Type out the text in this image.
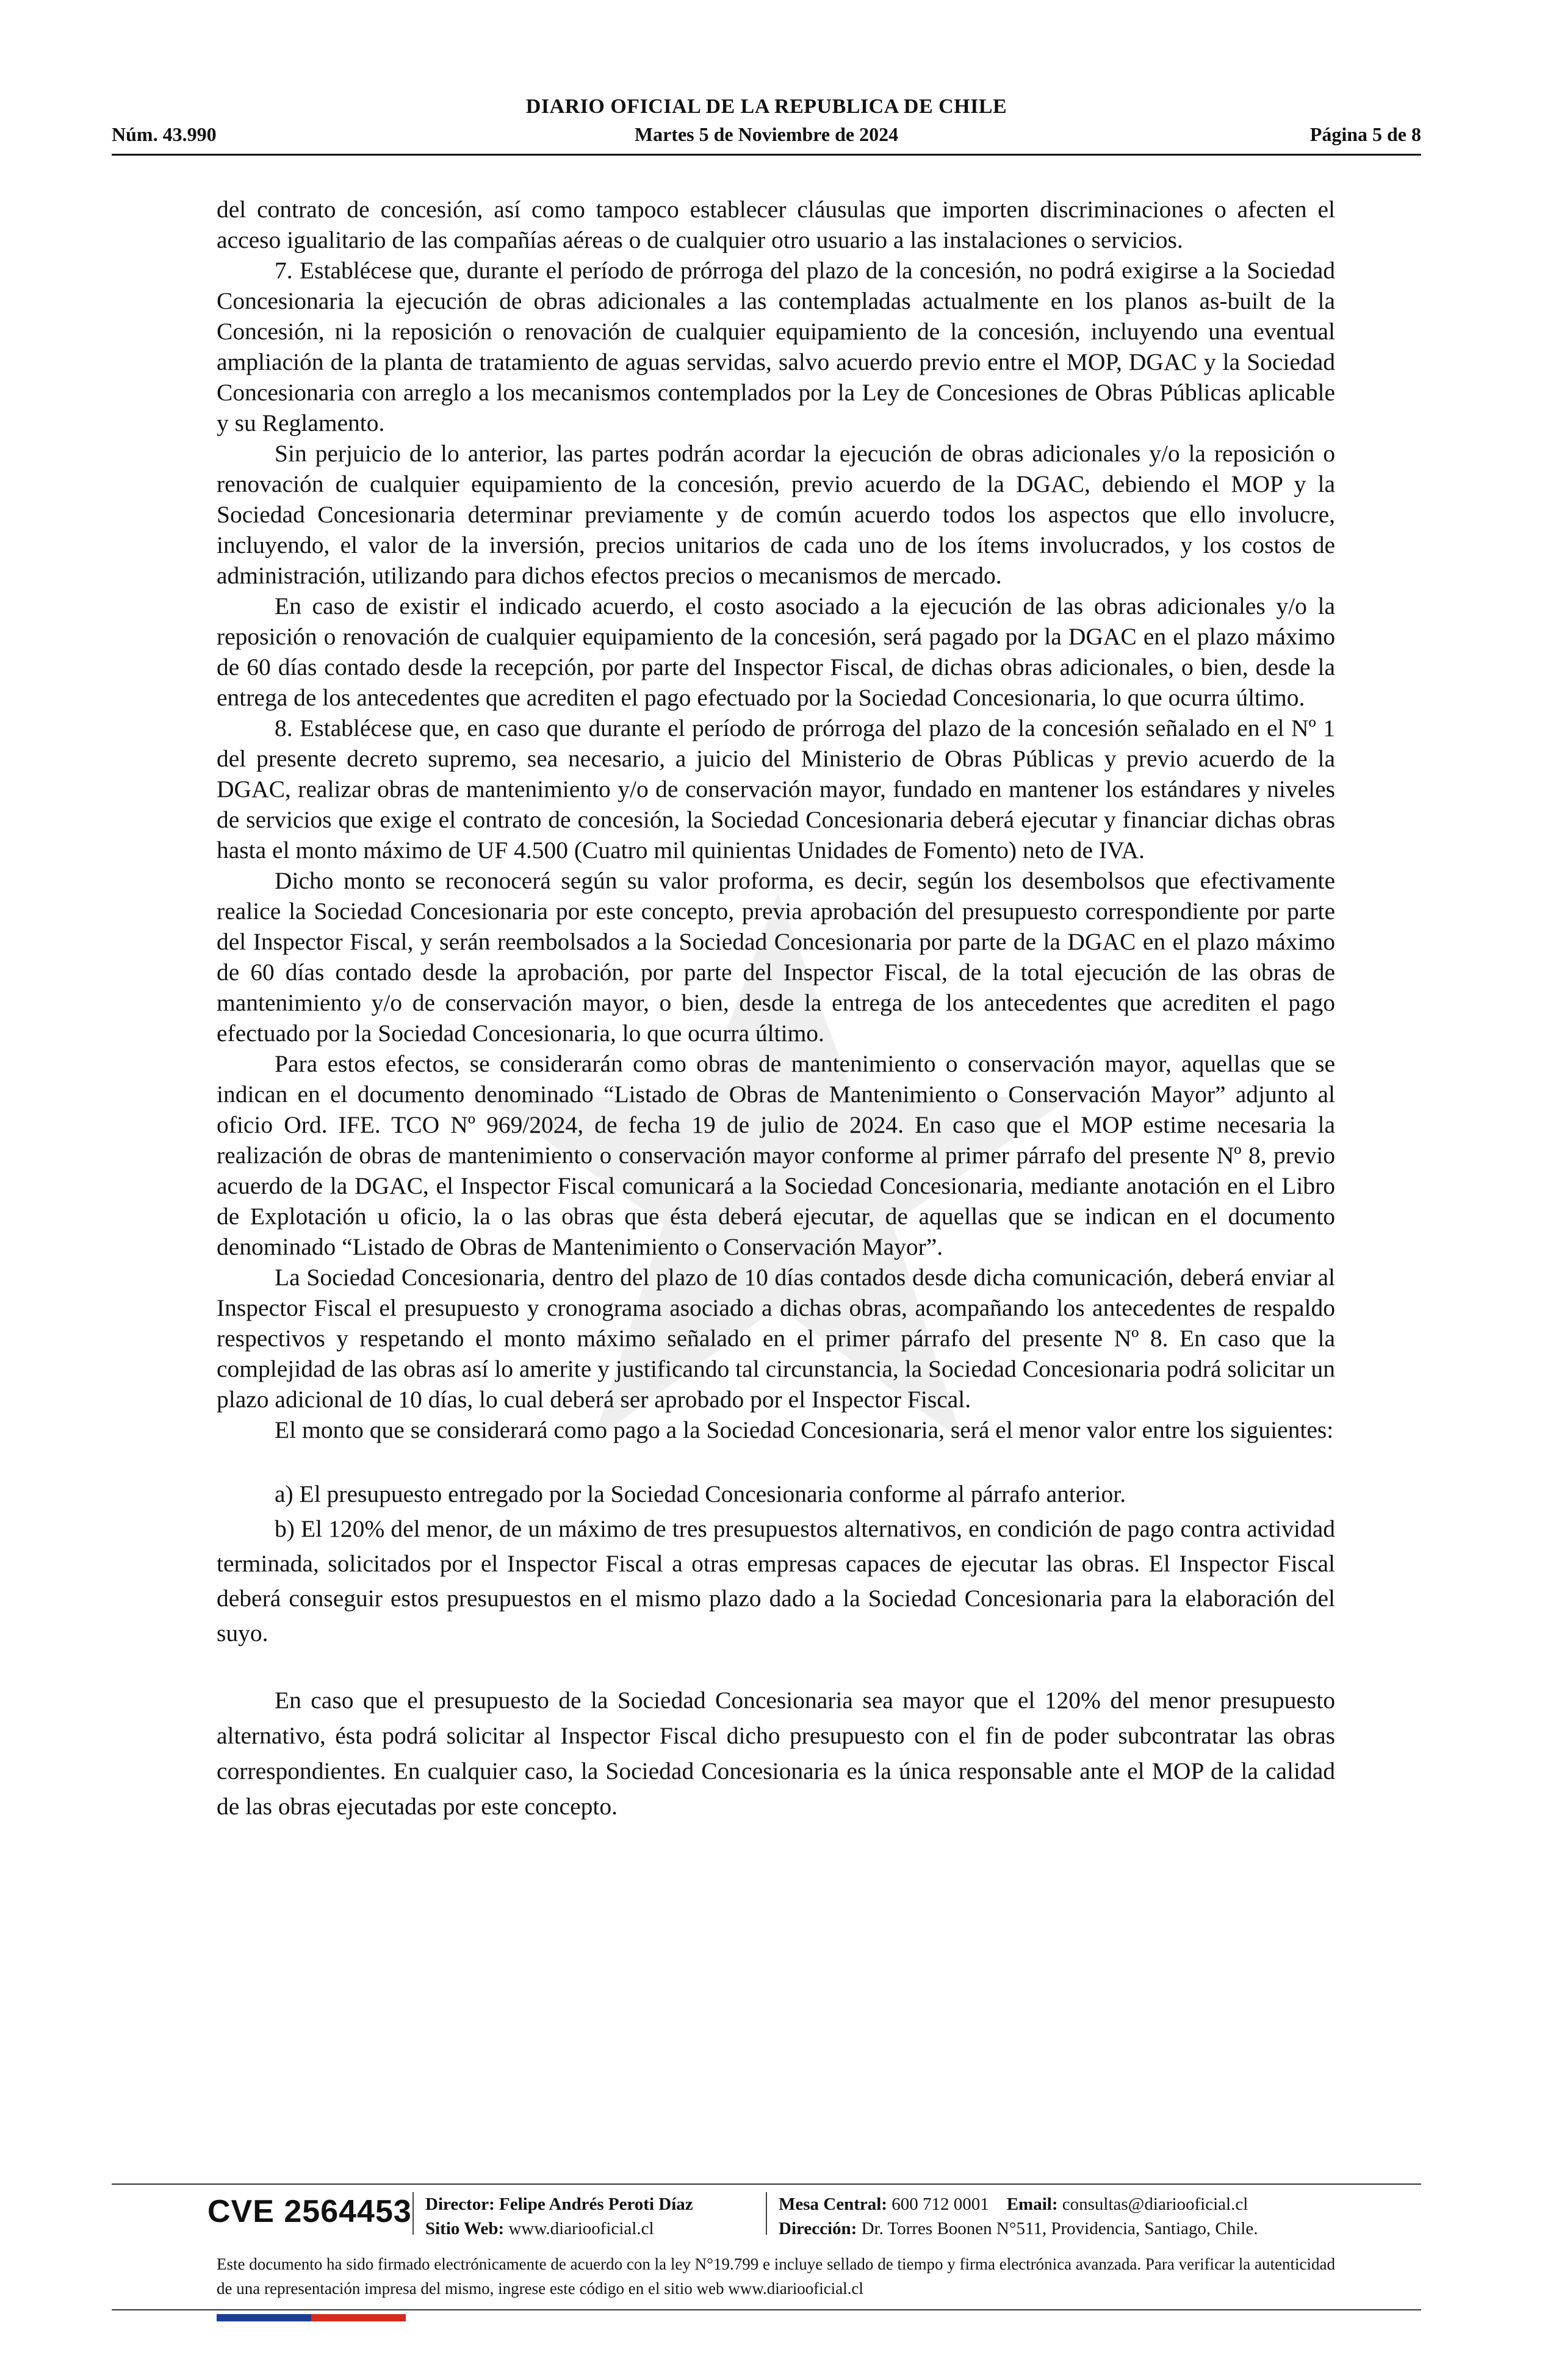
DIARIO OFICIAL DE LA REPUBLICA DE CHILE
Núm. 43.990	Martes 5 de Noviembre de 2024	Página 5 de 8

del contrato de concesión, así como tampoco establecer cláusulas que importen discriminaciones o afecten el acceso igualitario de las compañías aéreas o de cualquier otro usuario a las instalaciones o servicios.

7. Establécese que, durante el período de prórroga del plazo de la concesión, no podrá exigirse a la Sociedad Concesionaria la ejecución de obras adicionales a las contempladas actualmente en los planos as-built de la Concesión, ni la reposición o renovación de cualquier equipamiento de la concesión, incluyendo una eventual ampliación de la planta de tratamiento de aguas servidas, salvo acuerdo previo entre el MOP, DGAC y la Sociedad Concesionaria con arreglo a los mecanismos contemplados por la Ley de Concesiones de Obras Públicas aplicable y su Reglamento.

Sin perjuicio de lo anterior, las partes podrán acordar la ejecución de obras adicionales y/o la reposición o renovación de cualquier equipamiento de la concesión, previo acuerdo de la DGAC, debiendo el MOP y la Sociedad Concesionaria determinar previamente y de común acuerdo todos los aspectos que ello involucre, incluyendo, el valor de la inversión, precios unitarios de cada uno de los ítems involucrados, y los costos de administración, utilizando para dichos efectos precios o mecanismos de mercado.

En caso de existir el indicado acuerdo, el costo asociado a la ejecución de las obras adicionales y/o la reposición o renovación de cualquier equipamiento de la concesión, será pagado por la DGAC en el plazo máximo de 60 días contado desde la recepción, por parte del Inspector Fiscal, de dichas obras adicionales, o bien, desde la entrega de los antecedentes que acrediten el pago efectuado por la Sociedad Concesionaria, lo que ocurra último.

8. Establécese que, en caso que durante el período de prórroga del plazo de la concesión señalado en el Nº 1 del presente decreto supremo, sea necesario, a juicio del Ministerio de Obras Públicas y previo acuerdo de la DGAC, realizar obras de mantenimiento y/o de conservación mayor, fundado en mantener los estándares y niveles de servicios que exige el contrato de concesión, la Sociedad Concesionaria deberá ejecutar y financiar dichas obras hasta el monto máximo de UF 4.500 (Cuatro mil quinientas Unidades de Fomento) neto de IVA.

Dicho monto se reconocerá según su valor proforma, es decir, según los desembolsos que efectivamente realice la Sociedad Concesionaria por este concepto, previa aprobación del presupuesto correspondiente por parte del Inspector Fiscal, y serán reembolsados a la Sociedad Concesionaria por parte de la DGAC en el plazo máximo de 60 días contado desde la aprobación, por parte del Inspector Fiscal, de la total ejecución de las obras de mantenimiento y/o de conservación mayor, o bien, desde la entrega de los antecedentes que acrediten el pago efectuado por la Sociedad Concesionaria, lo que ocurra último.

Para estos efectos, se considerarán como obras de mantenimiento o conservación mayor, aquellas que se indican en el documento denominado “Listado de Obras de Mantenimiento o Conservación Mayor” adjunto al oficio Ord. IFE. TCO Nº 969/2024, de fecha 19 de julio de 2024. En caso que el MOP estime necesaria la realización de obras de mantenimiento o conservación mayor conforme al primer párrafo del presente Nº 8, previo acuerdo de la DGAC, el Inspector Fiscal comunicará a la Sociedad Concesionaria, mediante anotación en el Libro de Explotación u oficio, la o las obras que ésta deberá ejecutar, de aquellas que se indican en el documento denominado “Listado de Obras de Mantenimiento o Conservación Mayor”.

La Sociedad Concesionaria, dentro del plazo de 10 días contados desde dicha comunicación, deberá enviar al Inspector Fiscal el presupuesto y cronograma asociado a dichas obras, acompañando los antecedentes de respaldo respectivos y respetando el monto máximo señalado en el primer párrafo del presente Nº 8. En caso que la complejidad de las obras así lo amerite y justificando tal circunstancia, la Sociedad Concesionaria podrá solicitar un plazo adicional de 10 días, lo cual deberá ser aprobado por el Inspector Fiscal.

El monto que se considerará como pago a la Sociedad Concesionaria, será el menor valor entre los siguientes:

a) El presupuesto entregado por la Sociedad Concesionaria conforme al párrafo anterior.

b) El 120% del menor, de un máximo de tres presupuestos alternativos, en condición de pago contra actividad terminada, solicitados por el Inspector Fiscal a otras empresas capaces de ejecutar las obras. El Inspector Fiscal deberá conseguir estos presupuestos en el mismo plazo dado a la Sociedad Concesionaria para la elaboración del suyo.

En caso que el presupuesto de la Sociedad Concesionaria sea mayor que el 120% del menor presupuesto alternativo, ésta podrá solicitar al Inspector Fiscal dicho presupuesto con el fin de poder subcontratar las obras correspondientes. En cualquier caso, la Sociedad Concesionaria es la única responsable ante el MOP de la calidad de las obras ejecutadas por este concepto.

CVE 2564453 Director: Felipe Andrés Peroti Díaz
Sitio Web: www.diariooficial.cl
Mesa Central: 600 712 0001 Email: consultas@diariooficial.cl
Dirección: Dr. Torres Boonen N°511, Providencia, Santiago, Chile.
Este documento ha sido firmado electrónicamente de acuerdo con la ley N°19.799 e incluye sellado de tiempo y firma electrónica avanzada. Para verificar la autenticidad de una representación impresa del mismo, ingrese este código en el sitio web www.diariooficial.cl
